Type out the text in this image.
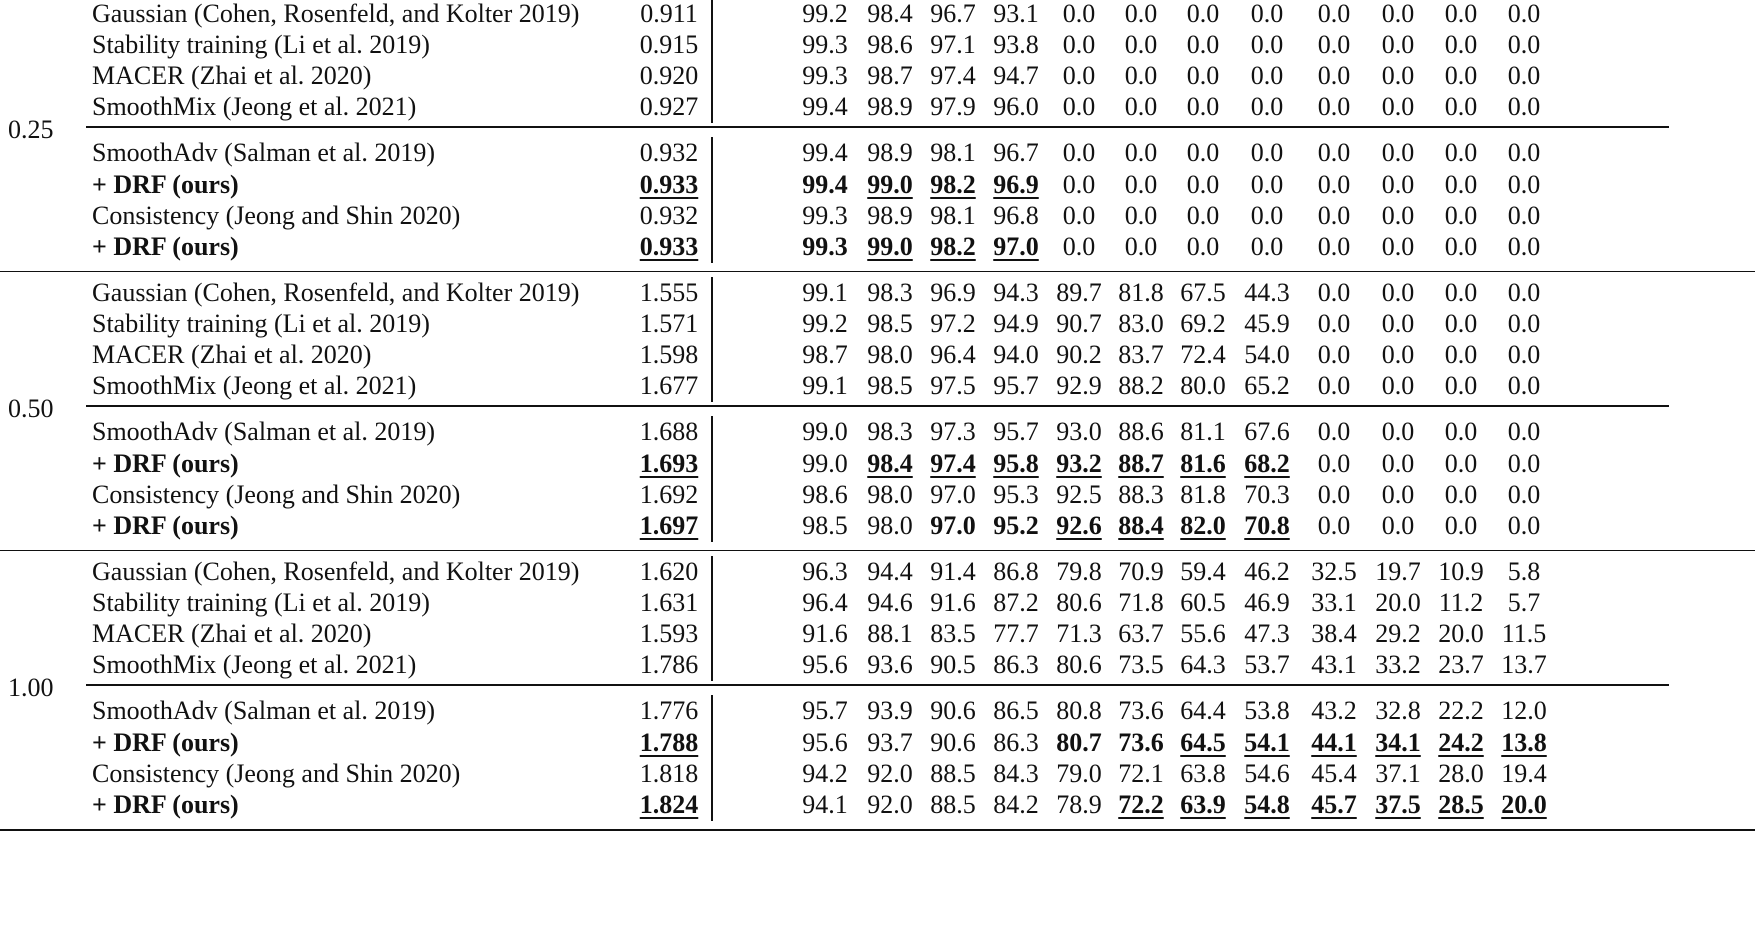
0.25
Gaussian (Cohen, Rosenfeld, and Kolter 2019)	0.911	99.2 98.4 96.7 93.1 0.0	0.0	0.0	0.0	0.0	0.0	0.0	0.0
Stability training (Li et al. 2019)	0.915	99.3 98.6 97.1 93.8 0.0	0.0	0.0	0.0	0.0	0.0	0.0	0.0
MACER (Zhai et al. 2020)	0.920	99.3 98.7 97.4 94.7 0.0	0.0	0.0	0.0	0.0	0.0	0.0	0.0
SmoothMix (Jeong et al. 2021)	0.927	99.4 98.9 97.9 96.0 0.0	0.0	0.0	0.0	0.0	0.0	0.0	0.0
SmoothAdv (Salman et al. 2019)	0.932	99.4 98.9 98.1 96.7 0.0	0.0	0.0	0.0	0.0	0.0	0.0	0.0
+ DRF (ours)	0.933	99.4 99.0 98.2 96.9 0.0	0.0	0.0	0.0	0.0	0.0	0.0	0.0
Consistency (Jeong and Shin 2020)	0.932	99.3 98.9 98.1 96.8 0.0	0.0	0.0	0.0	0.0	0.0	0.0	0.0
+ DRF (ours)	0.933	99.3 99.0 98.2 97.0 0.0	0.0	0.0	0.0	0.0	0.0	0.0	0.0
0.50
Gaussian (Cohen, Rosenfeld, and Kolter 2019)	1.555	99.1 98.3 96.9 94.3 89.7 81.8 67.5 44.3	0.0	0.0	0.0	0.0
Stability training (Li et al. 2019)	1.571	99.2 98.5 97.2 94.9 90.7 83.0 69.2 45.9	0.0	0.0	0.0	0.0
MACER (Zhai et al. 2020)	1.598	98.7 98.0 96.4 94.0 90.2 83.7 72.4 54.0	0.0	0.0	0.0	0.0
SmoothMix (Jeong et al. 2021)	1.677	99.1 98.5 97.5 95.7 92.9 88.2 80.0 65.2	0.0	0.0	0.0	0.0
SmoothAdv (Salman et al. 2019)	1.688	99.0 98.3 97.3 95.7 93.0 88.6 81.1 67.6	0.0	0.0	0.0	0.0
+ DRF (ours)	1.693	99.0 98.4 97.4 95.8 93.2 88.7 81.6 68.2	0.0	0.0	0.0	0.0
Consistency (Jeong and Shin 2020)	1.692	98.6 98.0 97.0 95.3 92.5 88.3 81.8 70.3	0.0	0.0	0.0	0.0
+ DRF (ours)	1.697	98.5 98.0 97.0 95.2 92.6 88.4 82.0 70.8	0.0	0.0	0.0	0.0
1.00
Gaussian (Cohen, Rosenfeld, and Kolter 2019)	1.620	96.3 94.4 91.4 86.8 79.8 70.9 59.4 46.2 32.5 19.7 10.9 5.8
Stability training (Li et al. 2019)	1.631	96.4 94.6 91.6 87.2 80.6 71.8 60.5 46.9 33.1 20.0 11.2 5.7
MACER (Zhai et al. 2020)	1.593	91.6 88.1 83.5 77.7 71.3 63.7 55.6 47.3 38.4 29.2 20.0 11.5
SmoothMix (Jeong et al. 2021)	1.786	95.6 93.6 90.5 86.3 80.6 73.5 64.3 53.7 43.1 33.2 23.7 13.7
SmoothAdv (Salman et al. 2019)	1.776	95.7 93.9 90.6 86.5 80.8 73.6 64.4 53.8 43.2 32.8 22.2 12.0
+ DRF (ours)	1.788	95.6 93.7 90.6 86.3 80.7 73.6 64.5 54.1 44.1 34.1 24.2 13.8
Consistency (Jeong and Shin 2020)	1.818	94.2 92.0 88.5 84.3 79.0 72.1 63.8 54.6 45.4 37.1 28.0 19.4
+ DRF (ours)	1.824	94.1 92.0 88.5 84.2 78.9 72.2 63.9 54.8 45.7 37.5 28.5 20.0
